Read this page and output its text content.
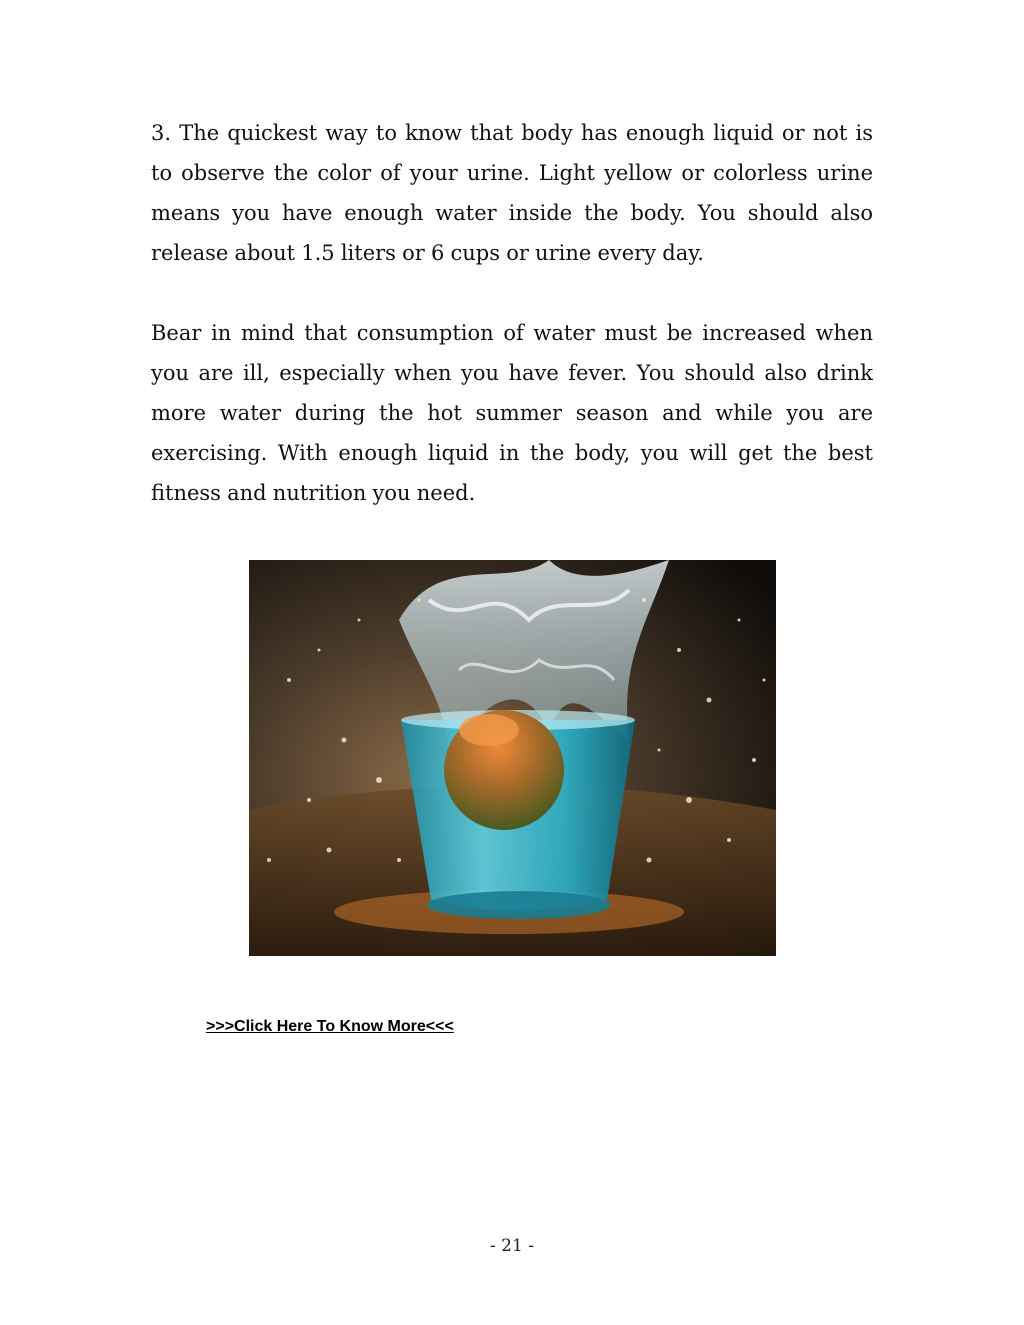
3. The quickest way to know that body has enough liquid or not is to observe the color of your urine. Light yellow or colorless urine means you have enough water inside the body. You should also release about 1.5 liters or 6 cups or urine every day.

Bear in mind that consumption of water must be increased when you are ill, especially when you have fever. You should also drink more water during the hot summer season and while you are exercising. With enough liquid in the body, you will get the best fitness and nutrition you need.

>>>Click Here To Know More<<<
- 21 -
